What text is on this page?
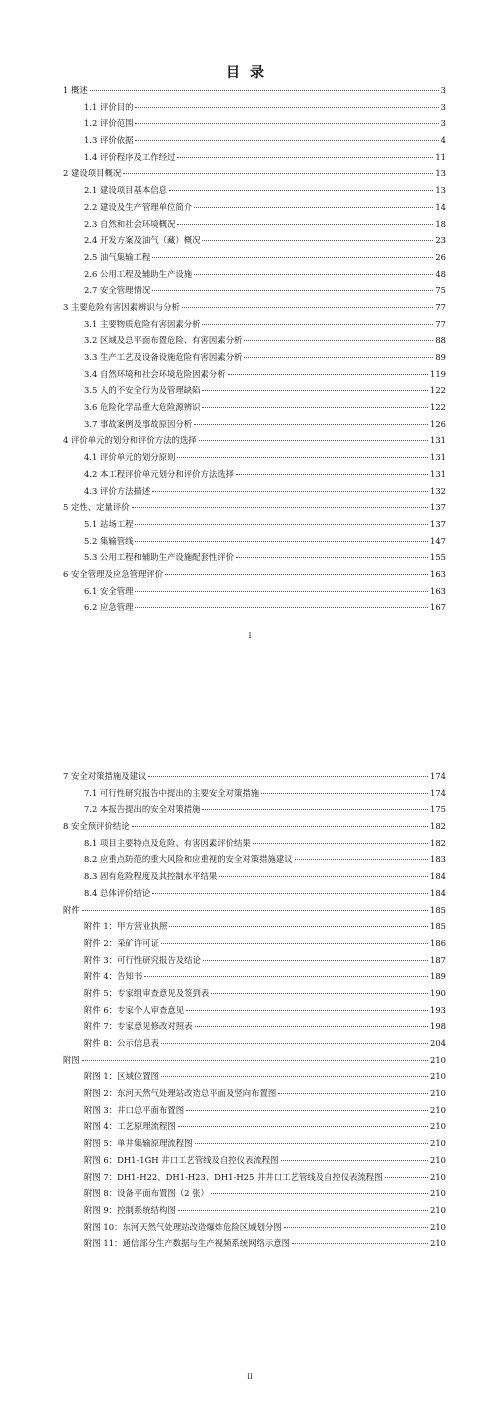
目录
1 概述	3
1.1 评价目的	3
1.2 评价范围	3
1.3 评价依据	4
1.4 评价程序及工作经过	11
2 建设项目概况	13
2.1 建设项目基本信息	13
2.2 建设及生产管理单位简介	14
2.3 自然和社会环境概况	18
2.4 开发方案及油气（藏）概况	23
2.5 油气集输工程	26
2.6 公用工程及辅助生产设施	48
2.7 安全管理情况	75
3 主要危险有害因素辨识与分析	77
3.1 主要物质危险有害因素分析	77
3.2 区域及总平面布置危险、有害因素分析	88
3.3 生产工艺及设备设施危险有害因素分析	89
3.4 自然环境和社会环境危险因素分析	119
3.5 人的不安全行为及管理缺陷	122
3.6 危险化学品重大危险源辨识	122
3.7 事故案例及事故原因分析	126
4 评价单元的划分和评价方法的选择	131
4.1 评价单元的划分原则	131
4.2 本工程评价单元划分和评价方法选择	131
4.3 评价方法描述	132
5 定性、定量评价	137
5.1 站场工程	137
5.2 集输管线	147
5.3 公用工程和辅助生产设施配套性评价	155
6 安全管理及应急管理评价	163
6.1 安全管理	163
6.2 应急管理	167
I
7 安全对策措施及建议	174
7.1 可行性研究报告中提出的主要安全对策措施	174
7.2 本报告提出的安全对策措施	175
8 安全预评价结论	182
8.1 项目主要特点及危险、有害因素评价结果	182
8.2 应重点防范的重大风险和应重视的安全对策措施建议	183
8.3 固有危险程度及其控制水平结果	184
8.4 总体评价结论	184
附件	185
附件 1：甲方营业执照	185
附件 2：采矿许可证	186
附件 3：可行性研究报告及结论	187
附件 4：告知书	189
附件 5：专家组审查意见及签到表	190
附件 6：专家个人审查意见	193
附件 7：专家意见修改对照表	198
附件 8：公示信息表	204
附图	210
附图 1：区域位置图	210
附图 2：东河天然气处理站改造总平面及竖向布置图	210
附图 3：井口总平面布置图	210
附图 4：工艺原理流程图	210
附图 5：单井集输原理流程图	210
附图 6：DH1-1GH 井口工艺管线及自控仪表流程图	210
附图 7：DH1-H22、DH1-H23、DH1-H25 井井口工艺管线及自控仪表流程图	210
附图 8：设备平面布置图（2 张）	210
附图 9：控制系统结构图	210
附图 10：东河天然气处理站改造爆炸危险区域划分图	210
附图 11：通信部分生产数据与生产视频系统网络示意图	210
II
